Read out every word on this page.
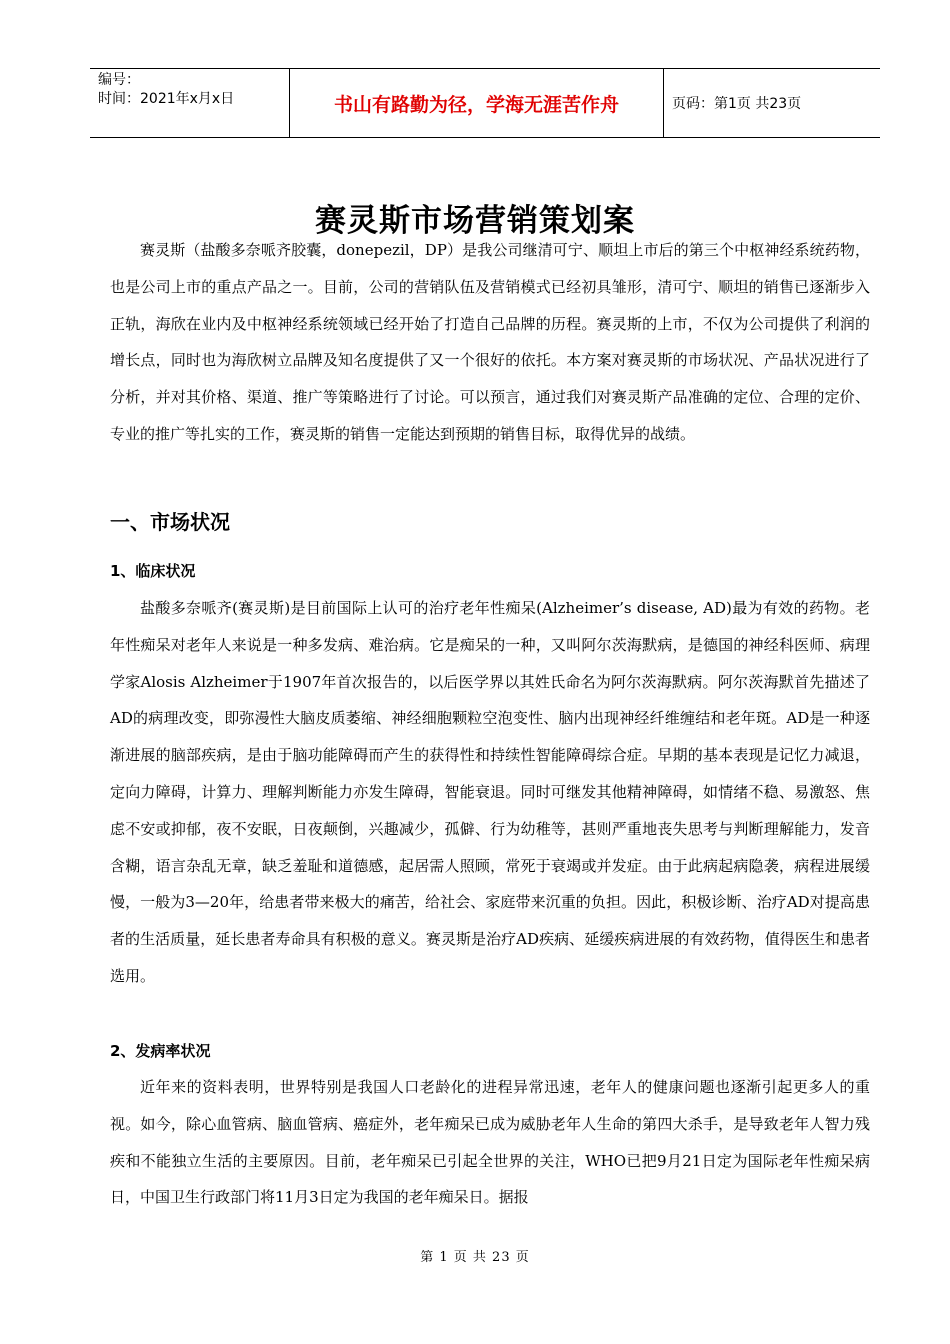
编号：
时间：2021年x月x日	书山有路勤为径，学海无涯苦作舟	页码：第1页 共23页
赛灵斯市场营销策划案

赛灵斯（盐酸多奈哌齐胶囊，donepezil，DP）是我公司继清可宁、顺坦上市后的第三个中枢神经系统药物，也是公司上市的重点产品之一。目前，公司的营销队伍及营销模式已经初具雏形，清可宁、顺坦的销售已逐渐步入正轨，海欣在业内及中枢神经系统领域已经开始了打造自己品牌的历程。赛灵斯的上市，不仅为公司提供了利润的增长点，同时也为海欣树立品牌及知名度提供了又一个很好的依托。本方案对赛灵斯的市场状况、产品状况进行了分析，并对其价格、渠道、推广等策略进行了讨论。可以预言，通过我们对赛灵斯产品准确的定位、合理的定价、专业的推广等扎实的工作，赛灵斯的销售一定能达到预期的销售目标，取得优异的战绩。

一、市场状况
1、临床状况

盐酸多奈哌齐(赛灵斯)是目前国际上认可的治疗老年性痴呆(Alzheimer’s disease, AD)最为有效的药物。老年性痴呆对老年人来说是一种多发病、难治病。它是痴呆的一种，又叫阿尔茨海默病，是德国的神经科医师、病理学家Alosis Alzheimer于1907年首次报告的，以后医学界以其姓氏命名为阿尔茨海默病。阿尔茨海默首先描述了AD的病理改变，即弥漫性大脑皮质萎缩、神经细胞颗粒空泡变性、脑内出现神经纤维缠结和老年斑。AD是一种逐渐进展的脑部疾病，是由于脑功能障碍而产生的获得性和持续性智能障碍综合症。早期的基本表现是记忆力减退，定向力障碍，计算力、理解判断能力亦发生障碍，智能衰退。同时可继发其他精神障碍，如情绪不稳、易激怒、焦虑不安或抑郁，夜不安眠，日夜颠倒，兴趣减少，孤僻、行为幼稚等，甚则严重地丧失思考与判断理解能力，发音含糊，语言杂乱无章，缺乏羞耻和道德感，起居需人照顾，常死于衰竭或并发症。由于此病起病隐袭，病程进展缓慢，一般为3—20年，给患者带来极大的痛苦，给社会、家庭带来沉重的负担。因此，积极诊断、治疗AD对提高患者的生活质量，延长患者寿命具有积极的意义。赛灵斯是治疗AD疾病、延缓疾病进展的有效药物，值得医生和患者选用。

2、发病率状况

近年来的资料表明，世界特别是我国人口老龄化的进程异常迅速，老年人的健康问题也逐渐引起更多人的重视。如今，除心血管病、脑血管病、癌症外，老年痴呆已成为威胁老年人生命的第四大杀手，是导致老年人智力残疾和不能独立生活的主要原因。目前，老年痴呆已引起全世界的关注，WHO已把9月21日定为国际老年性痴呆病日，中国卫生行政部门将11月3日定为我国的老年痴呆日。据报

第 1 页 共 23 页
